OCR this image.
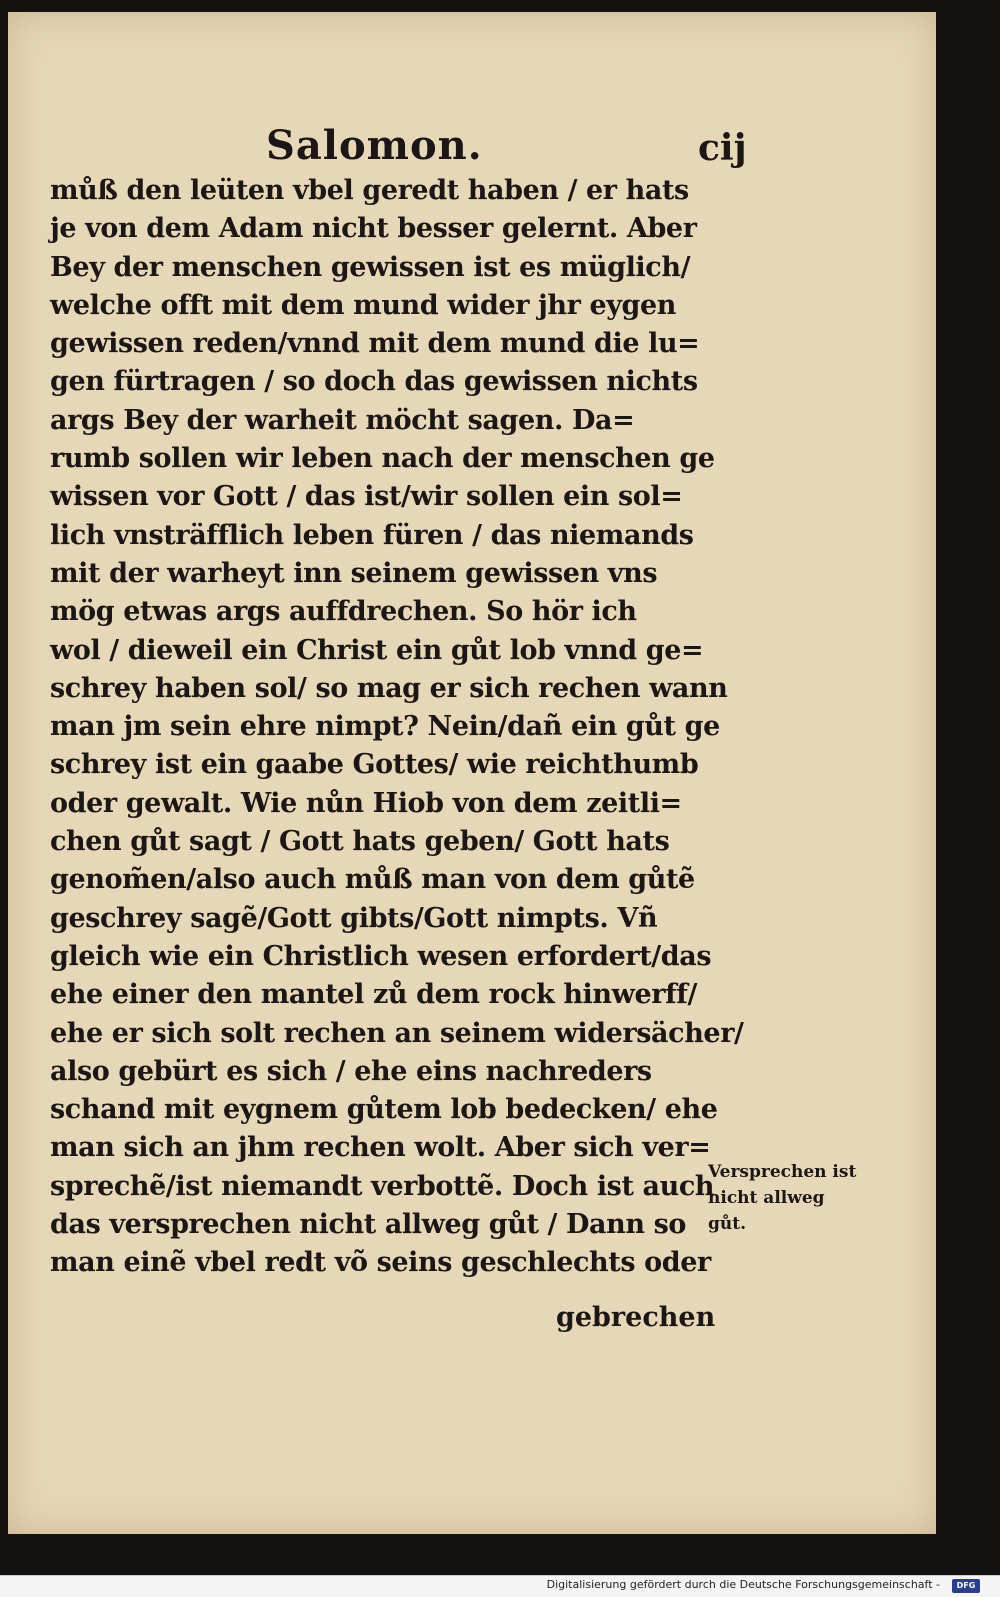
Salomon.	cij
můß den leüten vbel geredt haben / er hats
je von dem Adam nicht besser gelernt. Aber
Bey der menschen gewissen ist es müglich/
welche offt mit dem mund wider jhr eygen
gewissen reden/vnnd mit dem mund die lu=
gen fürtragen / so doch das gewissen nichts
args Bey der warheit möcht sagen. Da=
rumb sollen wir leben nach der menschen ge
wissen vor Gott / das ist/wir sollen ein sol=
lich vnsträfflich leben füren / das niemands
mit der warheyt inn seinem gewissen vns
mög etwas args auffdrechen. So hör ich
wol / dieweil ein Christ ein gůt lob vnnd ge=
schrey haben sol/ so mag er sich rechen wann
man jm sein ehre nimpt? Nein/dañ ein gůt ge
schrey ist ein gaabe Gottes/ wie reichthumb
oder gewalt. Wie nůn Hiob von dem zeitli=
chen gůt sagt / Gott hats geben/ Gott hats
genom̃en/also auch můß man von dem gůtẽ
geschrey sagẽ/Gott gibts/Gott nimpts. Vñ
gleich wie ein Christlich wesen erfordert/das
ehe einer den mantel zů dem rock hinwerff/
ehe er sich solt rechen an seinem widersächer/
also gebürt es sich / ehe eins nachreders
schand mit eygnem gůtem lob bedecken/ ehe
man sich an jhm rechen wolt. Aber sich ver=
sprechẽ/ist niemandt verbottẽ. Doch ist auch
das versprechen nicht allweg gůt / Dann so
man einẽ vbel redt võ seins geschlechts oder
gebrechen
Versprechen ist
nicht allweg
gůt.
Digitalisierung gefördert durch die Deutsche Forschungsgemeinschaft -	DFG
